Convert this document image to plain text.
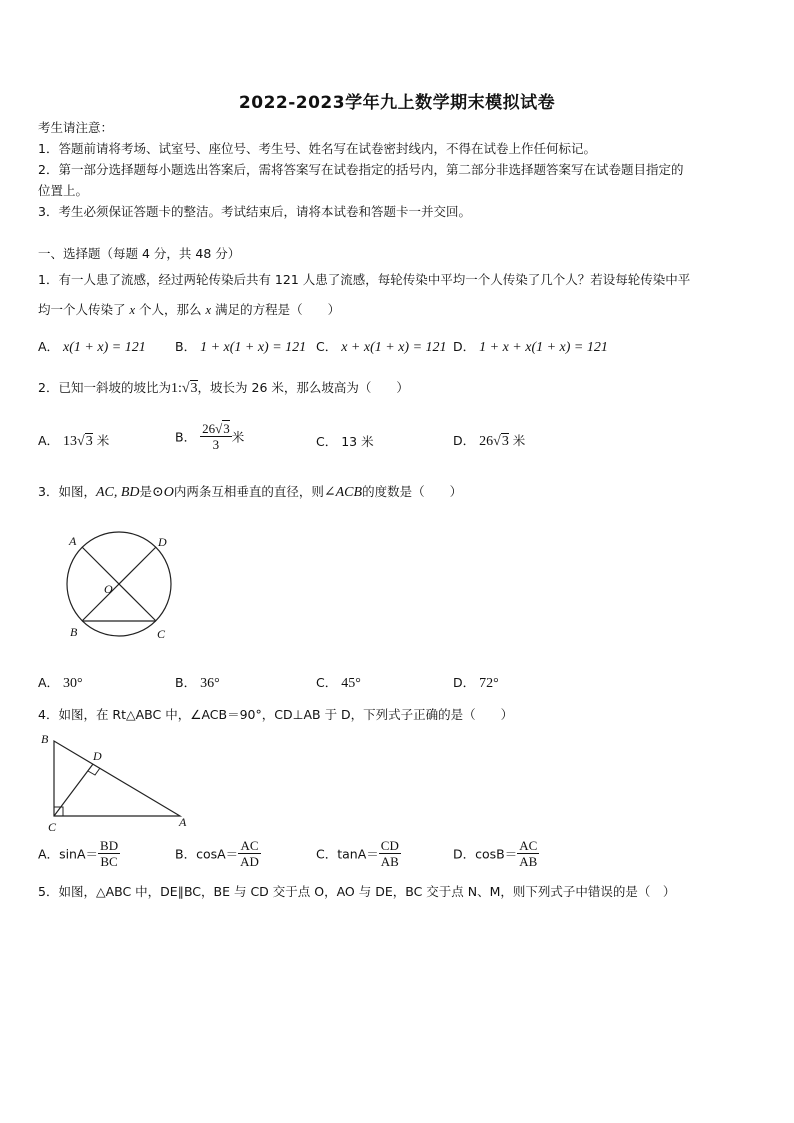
2022-2023学年九上数学期末模拟试卷
考生请注意：
1．答题前请将考场、试室号、座位号、考生号、姓名写在试卷密封线内，不得在试卷上作任何标记。
2．第一部分选择题每小题选出答案后，需将答案写在试卷指定的括号内，第二部分非选择题答案写在试卷题目指定的
位置上。
3．考生必须保证答题卡的整洁。考试结束后，请将本试卷和答题卡一并交回。
一、选择题（每题 4 分，共 48 分）
1．有一人患了流感，经过两轮传染后共有 121 人患了流感，每轮传染中平均一个人传染了几个人？若设每轮传染中平
均一个人传染了 x 个人，那么 x 满足的方程是（　　）
A． x(1 + x) = 121 B． 1 + x(1 + x) = 121 C． x + x(1 + x) = 121 D． 1 + x + x(1 + x) = 121
2．已知一斜坡的坡比为1:√3，坡长为 26 米，那么坡高为（　　）
A． 13√3 米	B． $\frac{26√3}{3}$ 米	C． 13 米	D． 26√3 米
3．如图，AC, BD是⊙O内两条互相垂直的直径，则∠ACB的度数是（　　）
A	D
O
B	C
A． 30°	B． 36°	C． 45°	D． 72°
4．如图，在 Rt△ABC 中，∠ACB＝90°，CD⊥AB 于 D，下列式子正确的是（　　）
B
D
C	A
A．$\sin A= \frac{BD}{BC}$	B．$\cos A= \frac{AC}{AD}$	C．$\tan A= \frac{CD}{AB}$	D．$\cos B= \frac{AC}{AB}$
5．如图，△ABC 中，DE∥BC，BE 与 CD 交于点 O，AO 与 DE，BC 交于点 N、M，则下列式子中错误的是（　）
